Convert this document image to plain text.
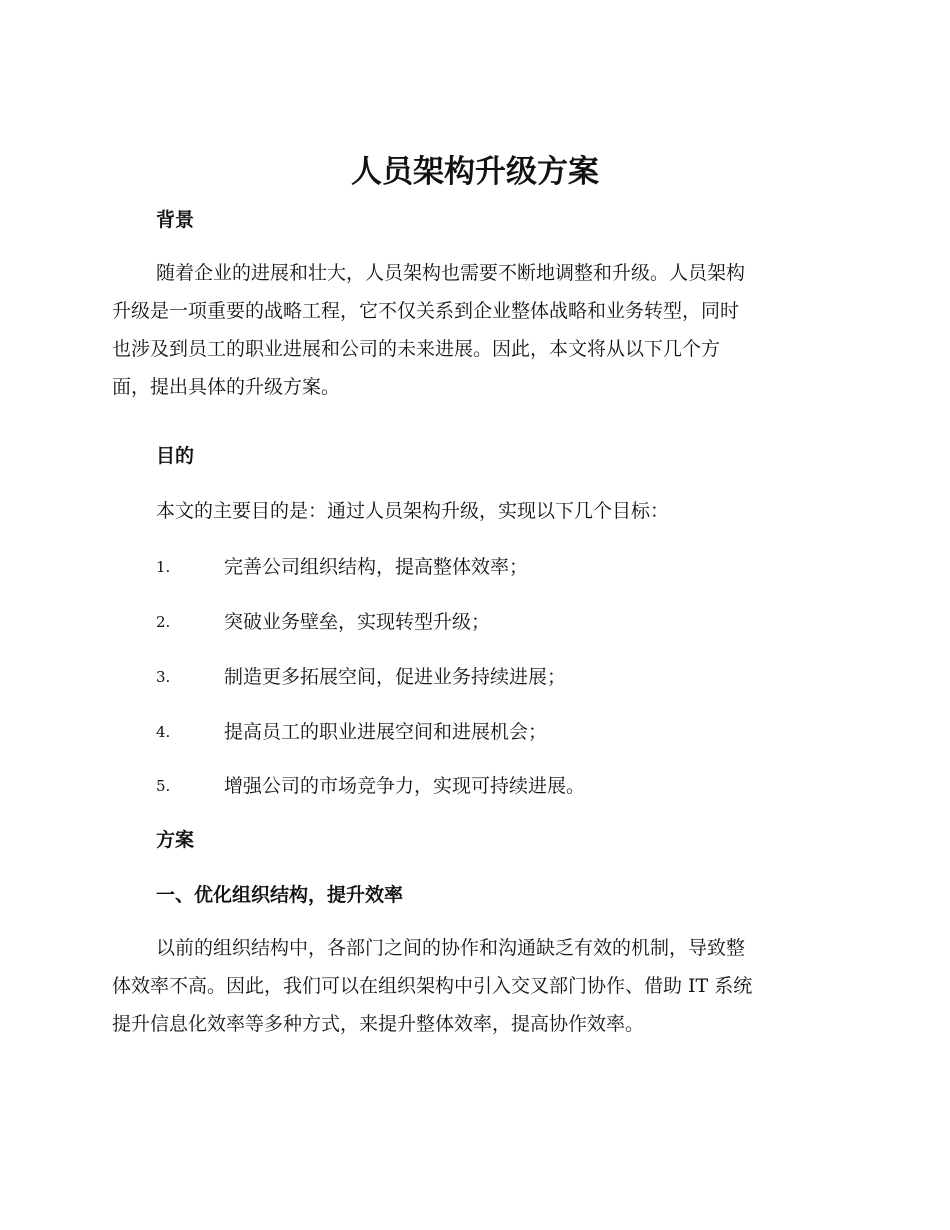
人员架构升级方案
背景
随着企业的进展和壮大，人员架构也需要不断地调整和升级。人员架构
升级是一项重要的战略工程，它不仅关系到企业整体战略和业务转型，同时
也涉及到员工的职业进展和公司的未来进展。因此，本文将从以下几个方
面，提出具体的升级方案。
目的
本文的主要目的是：通过人员架构升级，实现以下几个目标：
1.	完善公司组织结构，提高整体效率；
2.	突破业务壁垒，实现转型升级；
3.	制造更多拓展空间，促进业务持续进展；
4.	提高员工的职业进展空间和进展机会；
5.	增强公司的市场竞争力，实现可持续进展。
方案
一、优化组织结构，提升效率
以前的组织结构中，各部门之间的协作和沟通缺乏有效的机制，导致整
体效率不高。因此，我们可以在组织架构中引入交叉部门协作、借助 IT 系统
提升信息化效率等多种方式，来提升整体效率，提高协作效率。
